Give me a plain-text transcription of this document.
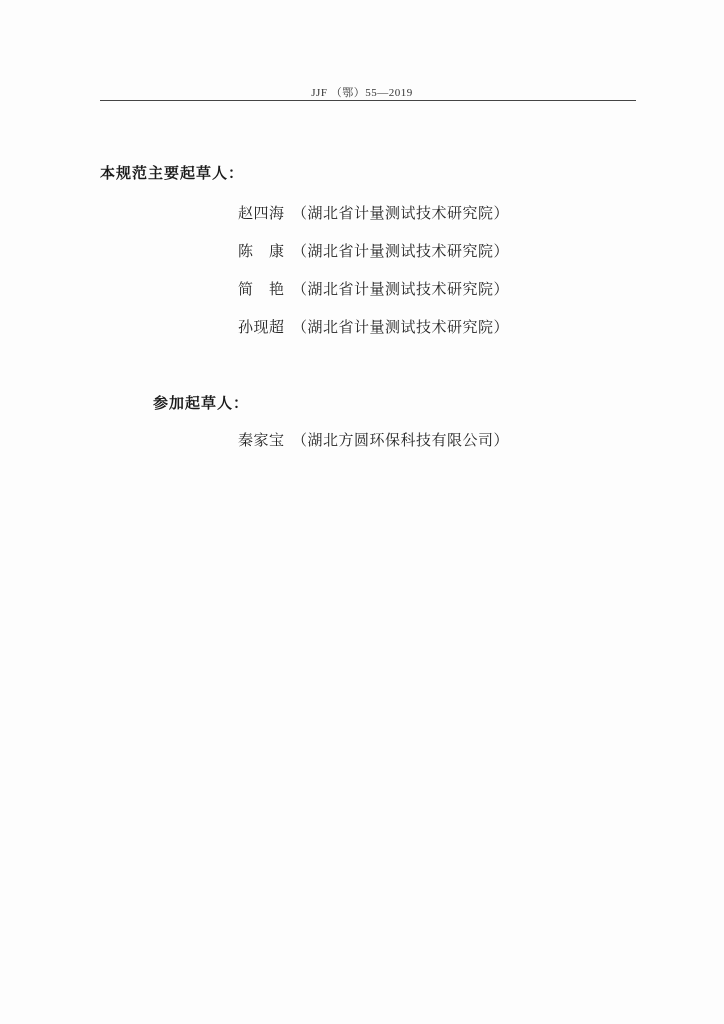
JJF （鄂）55—2019
本规范主要起草人：
赵四海 （湖北省计量测试技术研究院）
陈　康 （湖北省计量测试技术研究院）
简　艳 （湖北省计量测试技术研究院）
孙现超 （湖北省计量测试技术研究院）
参加起草人：
秦家宝 （湖北方圆环保科技有限公司）
